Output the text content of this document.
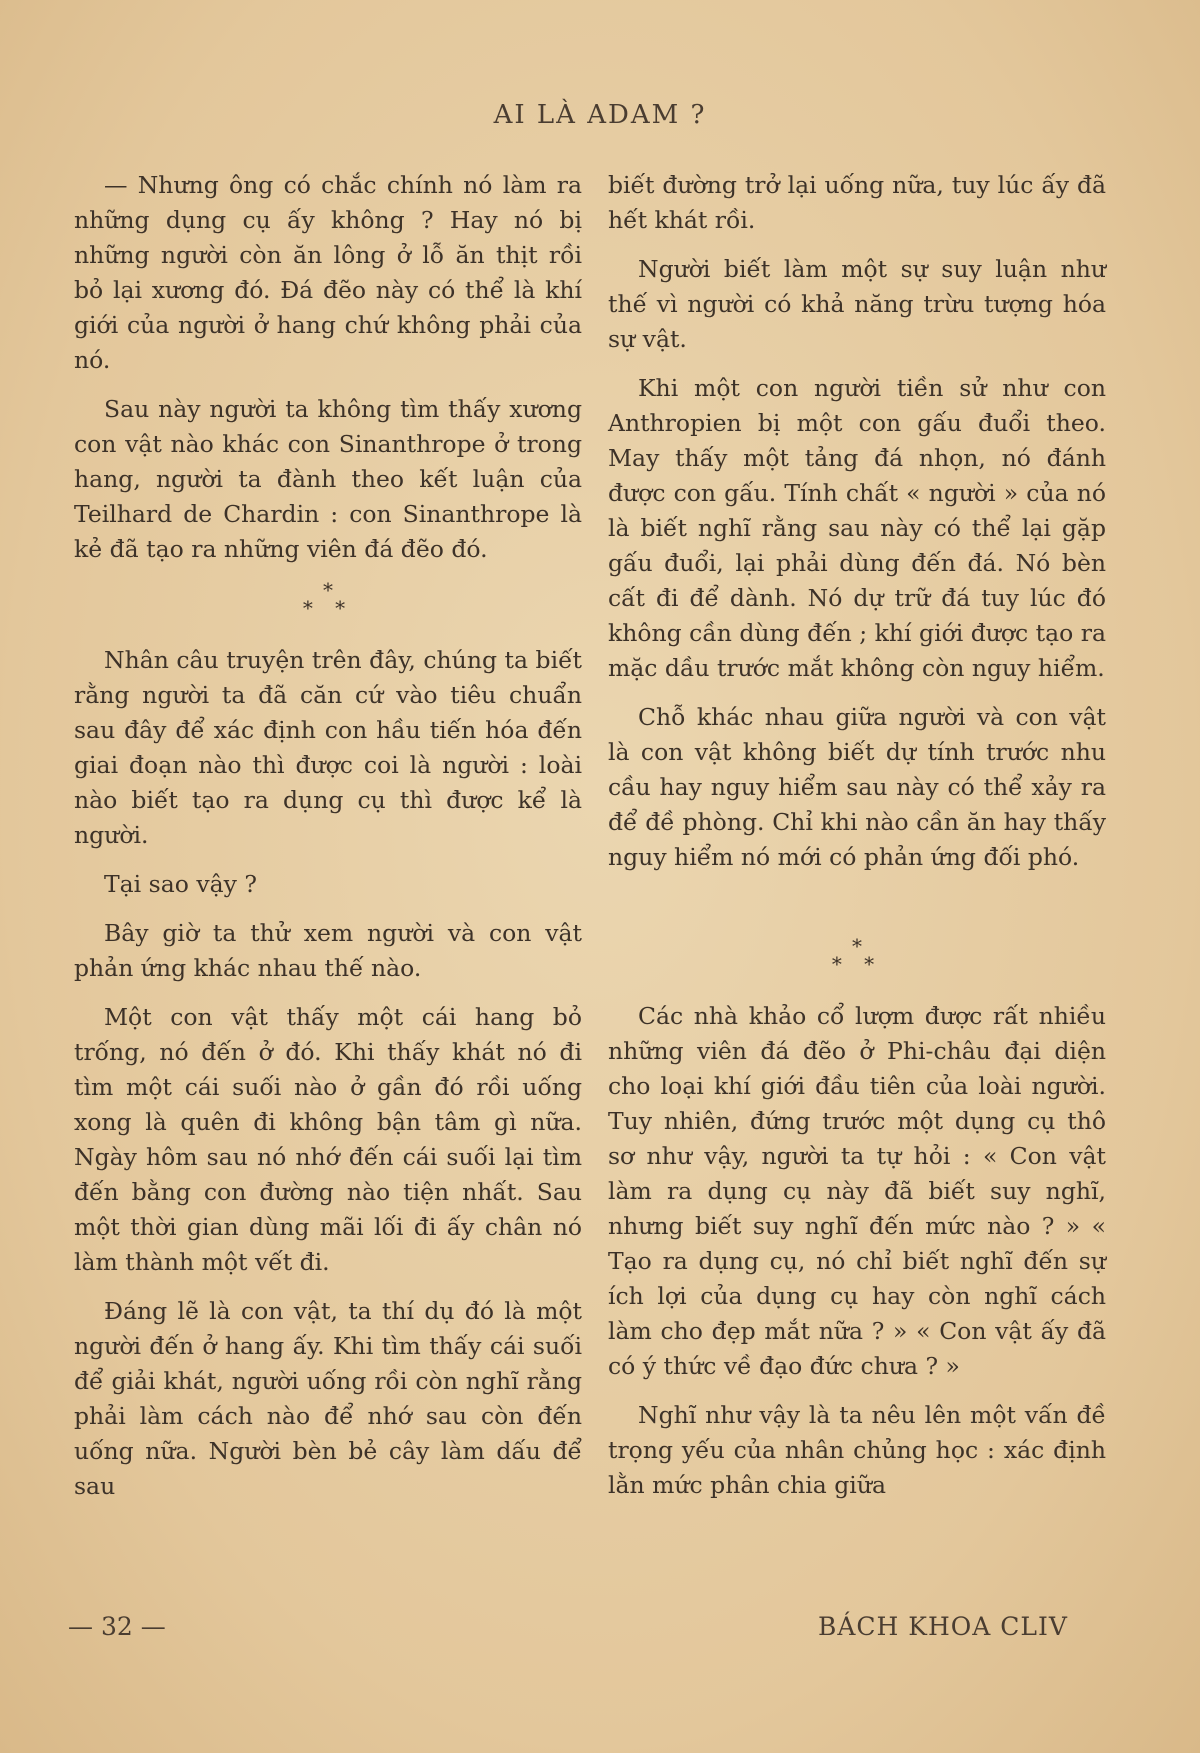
AI LÀ ADAM ?

— Nhưng ông có chắc chính nó làm ra những dụng cụ ấy không ? Hay nó bị những người còn ăn lông ở lỗ ăn thịt rồi bỏ lại xương đó. Đá đẽo này có thể là khí giới của người ở hang chứ không phải của nó.

Sau này người ta không tìm thấy xương con vật nào khác con Sinanthrope ở trong hang, người ta đành theo kết luận của Teilhard de Chardin : con Sinanthrope là kẻ đã tạo ra những viên đá đẽo đó.

*
* *

Nhân câu truyện trên đây, chúng ta biết rằng người ta đã căn cứ vào tiêu chuẩn sau đây để xác định con hầu tiến hóa đến giai đoạn nào thì được coi là người : loài nào biết tạo ra dụng cụ thì được kể là người.

Tại sao vậy ?

Bây giờ ta thử xem người và con vật phản ứng khác nhau thế nào.

Một con vật thấy một cái hang bỏ trống, nó đến ở đó. Khi thấy khát nó đi tìm một cái suối nào ở gần đó rồi uống xong là quên đi không bận tâm gì nữa. Ngày hôm sau nó nhớ đến cái suối lại tìm đến bằng con đường nào tiện nhất. Sau một thời gian dùng mãi lối đi ấy chân nó làm thành một vết đi.

Đáng lẽ là con vật, ta thí dụ đó là một người đến ở hang ấy. Khi tìm thấy cái suối để giải khát, người uống rồi còn nghĩ rằng phải làm cách nào để nhớ sau còn đến uống nữa. Người bèn bẻ cây làm dấu để sau

biết đường trở lại uống nữa, tuy lúc ấy đã hết khát rồi.

Người biết làm một sự suy luận như thế vì người có khả năng trừu tượng hóa sự vật.

Khi một con người tiền sử như con Anthropien bị một con gấu đuổi theo. May thấy một tảng đá nhọn, nó đánh được con gấu. Tính chất « người » của nó là biết nghĩ rằng sau này có thể lại gặp gấu đuổi, lại phải dùng đến đá. Nó bèn cất đi để dành. Nó dự trữ đá tuy lúc đó không cần dùng đến ; khí giới được tạo ra mặc dầu trước mắt không còn nguy hiểm.

Chỗ khác nhau giữa người và con vật là con vật không biết dự tính trước nhu cầu hay nguy hiểm sau này có thể xảy ra để đề phòng. Chỉ khi nào cần ăn hay thấy nguy hiểm nó mới có phản ứng đối phó.

*
* *

Các nhà khảo cổ lượm được rất nhiều những viên đá đẽo ở Phi-châu đại diện cho loại khí giới đầu tiên của loài người. Tuy nhiên, đứng trước một dụng cụ thô sơ như vậy, người ta tự hỏi : « Con vật làm ra dụng cụ này đã biết suy nghĩ, nhưng biết suy nghĩ đến mức nào ? » « Tạo ra dụng cụ, nó chỉ biết nghĩ đến sự ích lợi của dụng cụ hay còn nghĩ cách làm cho đẹp mắt nữa ? » « Con vật ấy đã có ý thức về đạo đức chưa ? »

Nghĩ như vậy là ta nêu lên một vấn đề trọng yếu của nhân chủng học : xác định lằn mức phân chia giữa

— 32 —	BÁCH KHOA CLIV
